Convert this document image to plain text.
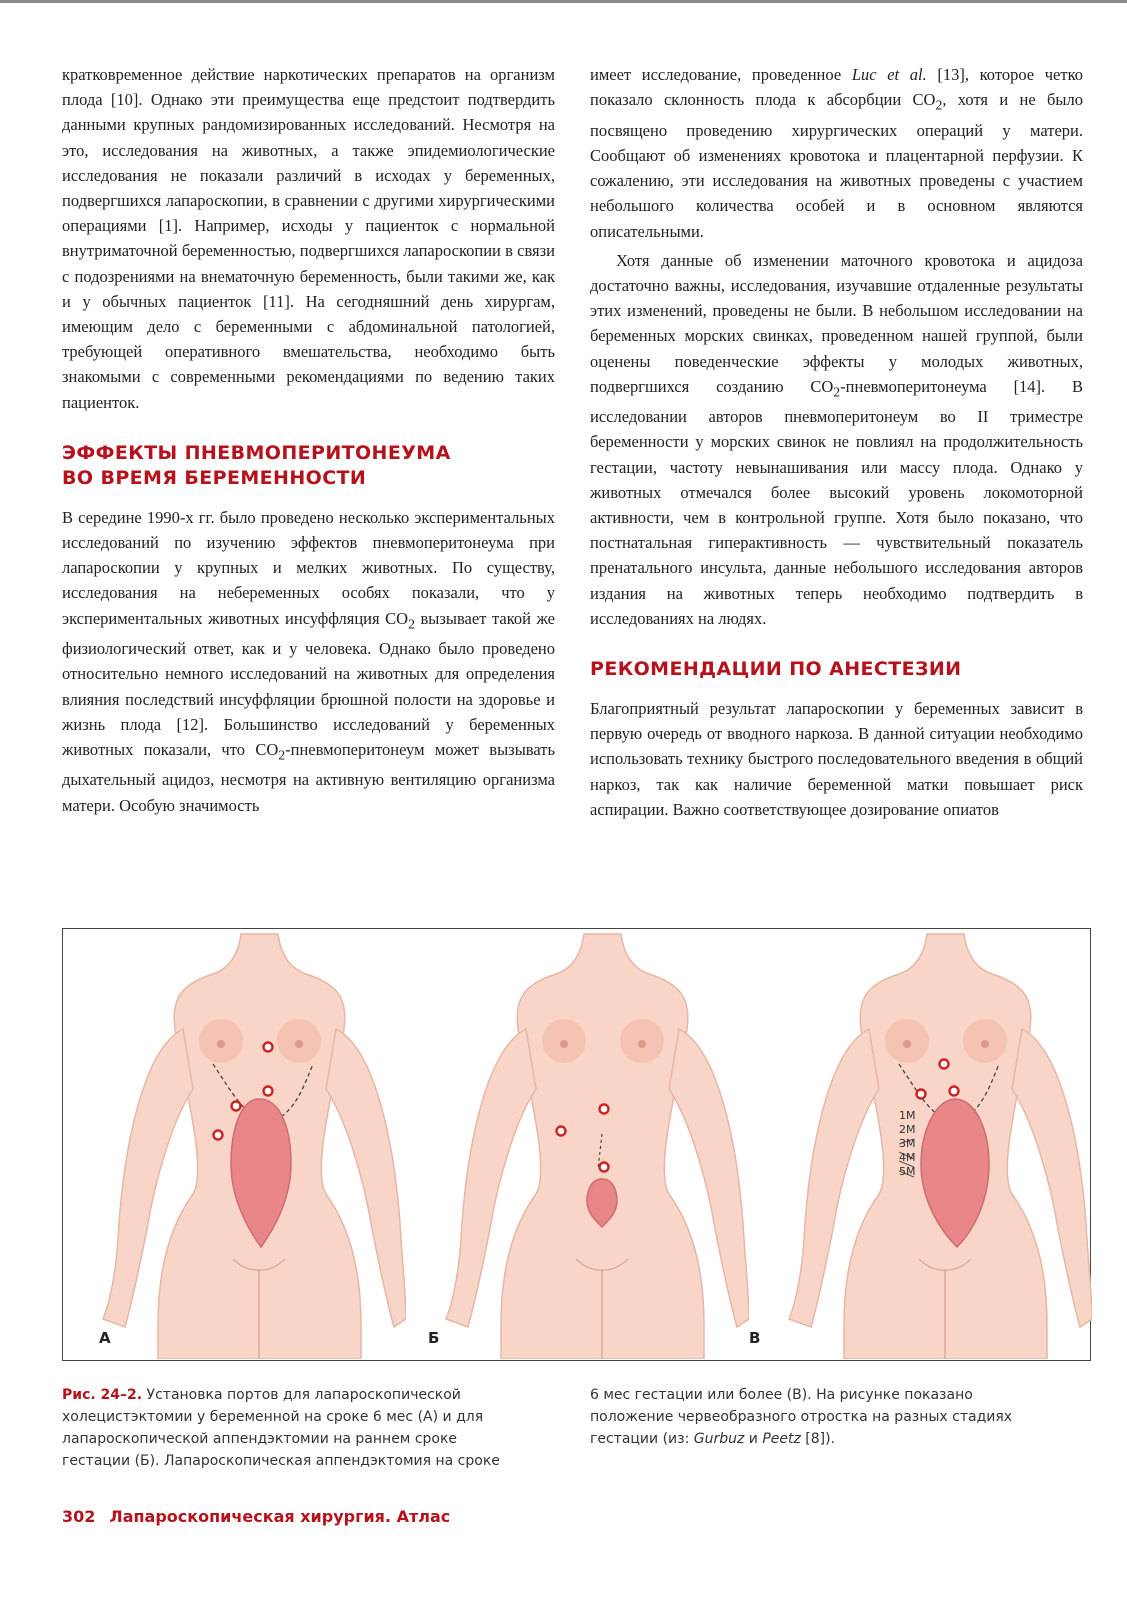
кратковременное действие наркотических препаратов на организм плода [10]. Однако эти преимущества еще предстоит подтвердить данными крупных рандомизированных исследований. Несмотря на это, исследования на животных, а также эпидемиологические исследования не показали различий в исходах у беременных, подвергшихся лапароскопии, в сравнении с другими хирургическими операциями [1]. Например, исходы у пациенток с нормальной внутриматочной беременностью, подвергшихся лапароскопии в связи с подозрениями на внематочную беременность, были такими же, как и у обычных пациенток [11]. На сегодняшний день хирургам, имеющим дело с беременными с абдоминальной патологией, требующей оперативного вмешательства, необходимо быть знакомыми с современными рекомендациями по ведению таких пациенток.

ЭФФЕКТЫ ПНЕВМОПЕРИТОНЕУМА
ВО ВРЕМЯ БЕРЕМЕННОСТИ

В середине 1990-х гг. было проведено несколько экспериментальных исследований по изучению эффектов пневмоперитонеума при лапароскопии у крупных и мелких животных. По существу, исследования на небеременных особях показали, что у экспериментальных животных инсуффляция $CO_2$ вызывает такой же физиологический ответ, как и у человека. Однако было проведено относительно немного исследований на животных для определения влияния последствий инсуффляции брюшной полости на здоровье и жизнь плода [12]. Большинство исследований у беременных животных показали, что $CO_2$-пневмоперитонеум может вызывать дыхательный ацидоз, несмотря на активную вентиляцию организма матери. Особую значимость

имеет исследование, проведенное Luc et al. [13], которое четко показало склонность плода к абсорбции $CO_2$, хотя и не было посвящено проведению хирургических операций у матери. Сообщают об изменениях кровотока и плацентарной перфузии. К сожалению, эти исследования на животных проведены с участием небольшого количества особей и в основном являются описательными.

Хотя данные об изменении маточного кровотока и ацидоза достаточно важны, исследования, изучавшие отдаленные результаты этих изменений, проведены не были. В небольшом исследовании на беременных морских свинках, проведенном нашей группой, были оценены поведенческие эффекты у молодых животных, подвергшихся созданию $CO_2$-пневмоперитонеума [14]. В исследовании авторов пневмоперитонеум во II триместре беременности у морских свинок не повлиял на продолжительность гестации, частоту невынашивания или массу плода. Однако у животных отмечался более высокий уровень локомоторной активности, чем в контрольной группе. Хотя было показано, что постнатальная гиперактивность — чувствительный показатель пренатального инсульта, данные небольшого исследования авторов издания на животных теперь необходимо подтвердить в исследованиях на людях.

РЕКОМЕНДАЦИИ ПО АНЕСТЕЗИИ

Благоприятный результат лапароскопии у беременных зависит в первую очередь от вводного наркоза. В данной ситуации необходимо использовать технику быстрого последовательного введения в общий наркоз, так как наличие беременной матки повышает риск аспирации. Важно соответствующее дозирование опиатов

А	Б
1M
2M
3M
4M
5M
В
Рис. 24–2. Установка портов для лапароскопической холецистэктомии у беременной на сроке 6 мес (А) и для лапароскопической аппендэктомии на раннем сроке гестации (Б). Лапароскопическая аппендэктомия на сроке
6 мес гестации или более (В). На рисунке показано положение червеобразного отростка на разных стадиях гестации (из: Gurbuz и Peetz [8]).
302 Лапароскопическая хирургия. Атлас
